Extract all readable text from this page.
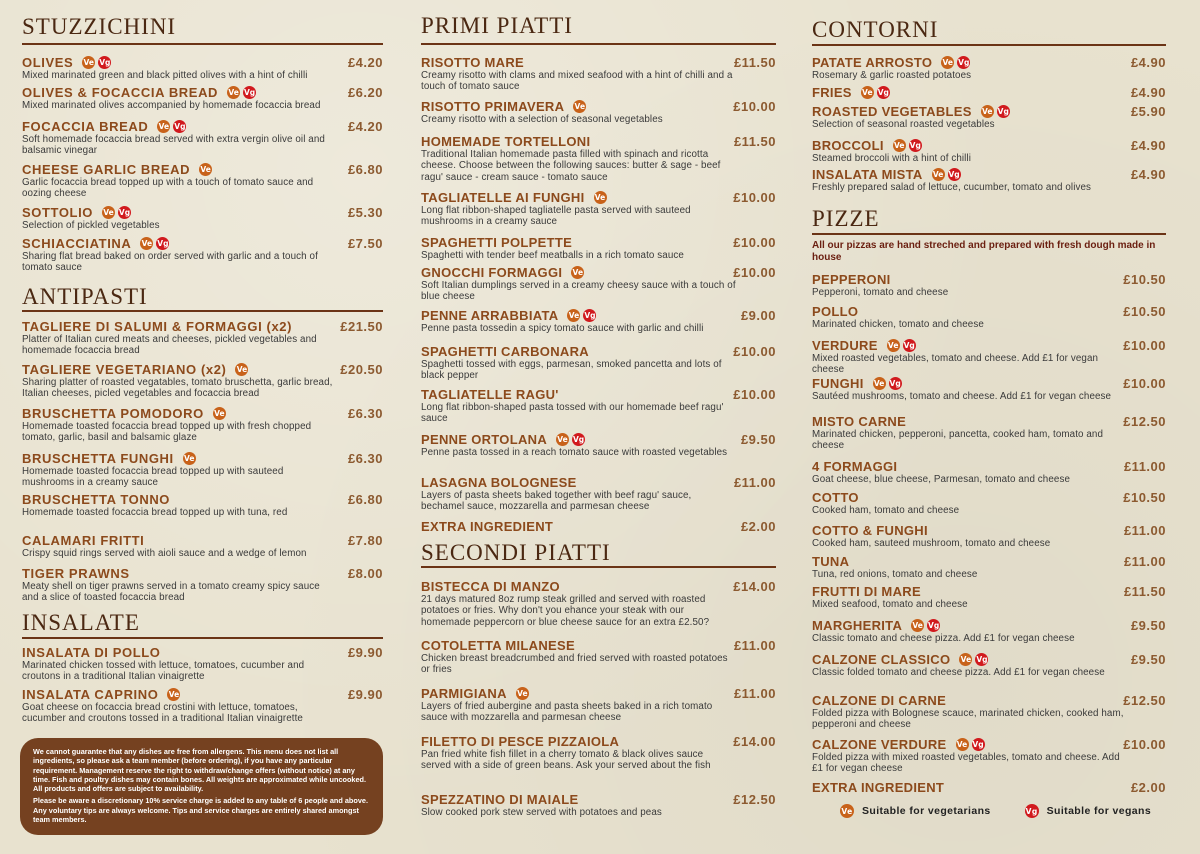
STUZZICHINI
OLIVES Ve Vg	£4.20
Mixed marinated green and black pitted olives with a hint of chilli
OLIVES & FOCACCIA BREAD Ve Vg	£6.20
Mixed marinated olives accompanied by homemade focaccia bread
FOCACCIA BREAD Ve Vg	£4.20
Soft homemade focaccia bread served with extra vergin olive oil and balsamic vinegar
CHEESE GARLIC BREAD Ve	£6.80
Garlic focaccia bread topped up with a touch of tomato sauce and oozing cheese
SOTTOLIO Ve Vg	£5.30
Selection of pickled vegetables
SCHIACCIATINA Ve Vg	£7.50
Sharing flat bread baked on order served with garlic and a touch of tomato sauce
ANTIPASTI
TAGLIERE DI SALUMI & FORMAGGI (x2)	£21.50
Platter of Italian cured meats and cheeses, pickled vegetables and homemade focaccia bread
TAGLIERE VEGETARIANO (x2) Ve	£20.50
Sharing platter of roasted vegatables, tomato bruschetta, garlic bread, Italian cheeses, picled vegetables and focaccia bread
BRUSCHETTA POMODORO Ve	£6.30
Homemade toasted focaccia bread topped up with fresh chopped tomato, garlic, basil and balsamic glaze
BRUSCHETTA FUNGHI Ve	£6.30
Homemade toasted focaccia bread topped up with sauteed mushrooms in a creamy sauce
BRUSCHETTA TONNO	£6.80
Homemade toasted focaccia bread topped up with tuna, red
CALAMARI FRITTI	£7.80
Crispy squid rings served with aioli sauce and a wedge of lemon
TIGER PRAWNS	£8.00
Meaty shell on tiger prawns served in a tomato creamy spicy sauce and a slice of toasted focaccia bread
INSALATE
INSALATA DI POLLO	£9.90
Marinated chicken tossed with lettuce, tomatoes, cucumber and croutons in a traditional Italian vinaigrette
INSALATA CAPRINO Ve	£9.90
Goat cheese on focaccia bread crostini with lettuce, tomatoes, cucumber and croutons tossed in a traditional Italian vinaigrette
PRIMI PIATTI
RISOTTO MARE	£11.50
Creamy risotto with clams and mixed seafood with a hint of chilli and a touch of tomato sauce
RISOTTO PRIMAVERA Ve	£10.00
Creamy risotto with a selection of seasonal vegetables
HOMEMADE TORTELLONI	£11.50
Traditional Italian homemade pasta filled with spinach and ricotta cheese. Choose between the following sauces: butter & sage - beef ragu' sauce - cream sauce - tomato sauce
TAGLIATELLE AI FUNGHI Ve	£10.00
Long flat ribbon-shaped tagliatelle pasta served with sauteed mushrooms in a creamy sauce
SPAGHETTI POLPETTE	£10.00
Spaghetti with tender beef meatballs in a rich tomato sauce
GNOCCHI FORMAGGI Ve	£10.00
Soft Italian dumplings served in a creamy cheesy sauce with a touch of blue cheese
PENNE ARRABBIATA Ve Vg	£9.00
Penne pasta tossedin a spicy tomato sauce with garlic and chilli
SPAGHETTI CARBONARA	£10.00
Spaghetti tossed with eggs, parmesan, smoked pancetta and lots of black pepper
TAGLIATELLE RAGU'	£10.00
Long flat ribbon-shaped pasta tossed with our homemade beef ragu' sauce
PENNE ORTOLANA Ve Vg	£9.50
Penne pasta tossed in a reach tomato sauce with roasted vegetables
LASAGNA BOLOGNESE	£11.00
Layers of pasta sheets baked together with beef ragu' sauce, bechamel sauce, mozzarella and parmesan cheese
EXTRA INGREDIENT	£2.00
SECONDI PIATTI
BISTECCA DI MANZO	£14.00
21 days matured 8oz rump steak grilled and served with roasted potatoes or fries. Why don't you ehance your steak with our homemade peppercorn or blue cheese sauce for an extra £2.50?
COTOLETTA MILANESE	£11.00
Chicken breast breadcrumbed and fried served with roasted potatoes or fries
PARMIGIANA Ve	£11.00
Layers of fried aubergine and pasta sheets baked in a rich tomato sauce with mozzarella and parmesan cheese
FILETTO DI PESCE PIZZAIOLA	£14.00
Pan fried white fish fillet in a cherry tomato & black olives sauce served with a side of green beans. Ask your served about the fish
SPEZZATINO DI MAIALE	£12.50
Slow cooked pork stew served with potatoes and peas
CONTORNI
PATATE ARROSTO Ve Vg	£4.90
Rosemary & garlic roasted potatoes
FRIES Ve Vg	£4.90
ROASTED VEGETABLES Ve Vg	£5.90
Selection of seasonal roasted vegetables
BROCCOLI Ve Vg	£4.90
Steamed broccoli with a hint of chilli
INSALATA MISTA Ve Vg	£4.90
Freshly prepared salad of lettuce, cucumber, tomato and olives
PIZZE
All our pizzas are hand streched and prepared with fresh dough made in house
PEPPERONI	£10.50
Pepperoni, tomato and cheese
POLLO	£10.50
Marinated chicken, tomato and cheese
VERDURE Ve Vg	£10.00
Mixed roasted vegetables, tomato and cheese. Add £1 for vegan cheese
FUNGHI Ve Vg	£10.00
Sautéed mushrooms, tomato and cheese. Add £1 for vegan cheese
MISTO CARNE	£12.50
Marinated chicken, pepperoni, pancetta, cooked ham, tomato and cheese
4 FORMAGGI	£11.00
Goat cheese, blue cheese, Parmesan, tomato and cheese
COTTO	£10.50
Cooked ham, tomato and cheese
COTTO & FUNGHI	£11.00
Cooked ham, sauteed mushroom, tomato and cheese
TUNA	£11.00
Tuna, red onions, tomato and cheese
FRUTTI DI MARE	£11.50
Mixed seafood, tomato and cheese
MARGHERITA Ve Vg	£9.50
Classic tomato and cheese pizza. Add £1 for vegan cheese
CALZONE CLASSICO Ve Vg	£9.50
Classic folded tomato and cheese pizza. Add £1 for vegan cheese
CALZONE DI CARNE	£12.50
Folded pizza with Bolognese scauce, marinated chicken, cooked ham, pepperoni and cheese
CALZONE VERDURE Ve Vg	£10.00
Folded pizza with mixed roasted vegetables, tomato and cheese. Add £1 for vegan cheese
EXTRA INGREDIENT	£2.00

We cannot guarantee that any dishes are free from allergens. This menu does not list all ingredients, so please ask a team member (before ordering), if you have any particular requirement. Management reserve the right to withdraw/change offers (without notice) at any time. Fish and poultry dishes may contain bones. All weights are approximated while uncooked. All products and offers are subject to availability.

Please be aware a discretionary 10% service charge is added to any table of 6 people and above. Any voluntary tips are always welcome. Tips and service charges are entirely shared amongst team members.

Ve Suitable for vegetarians	Vg Suitable for vegans
